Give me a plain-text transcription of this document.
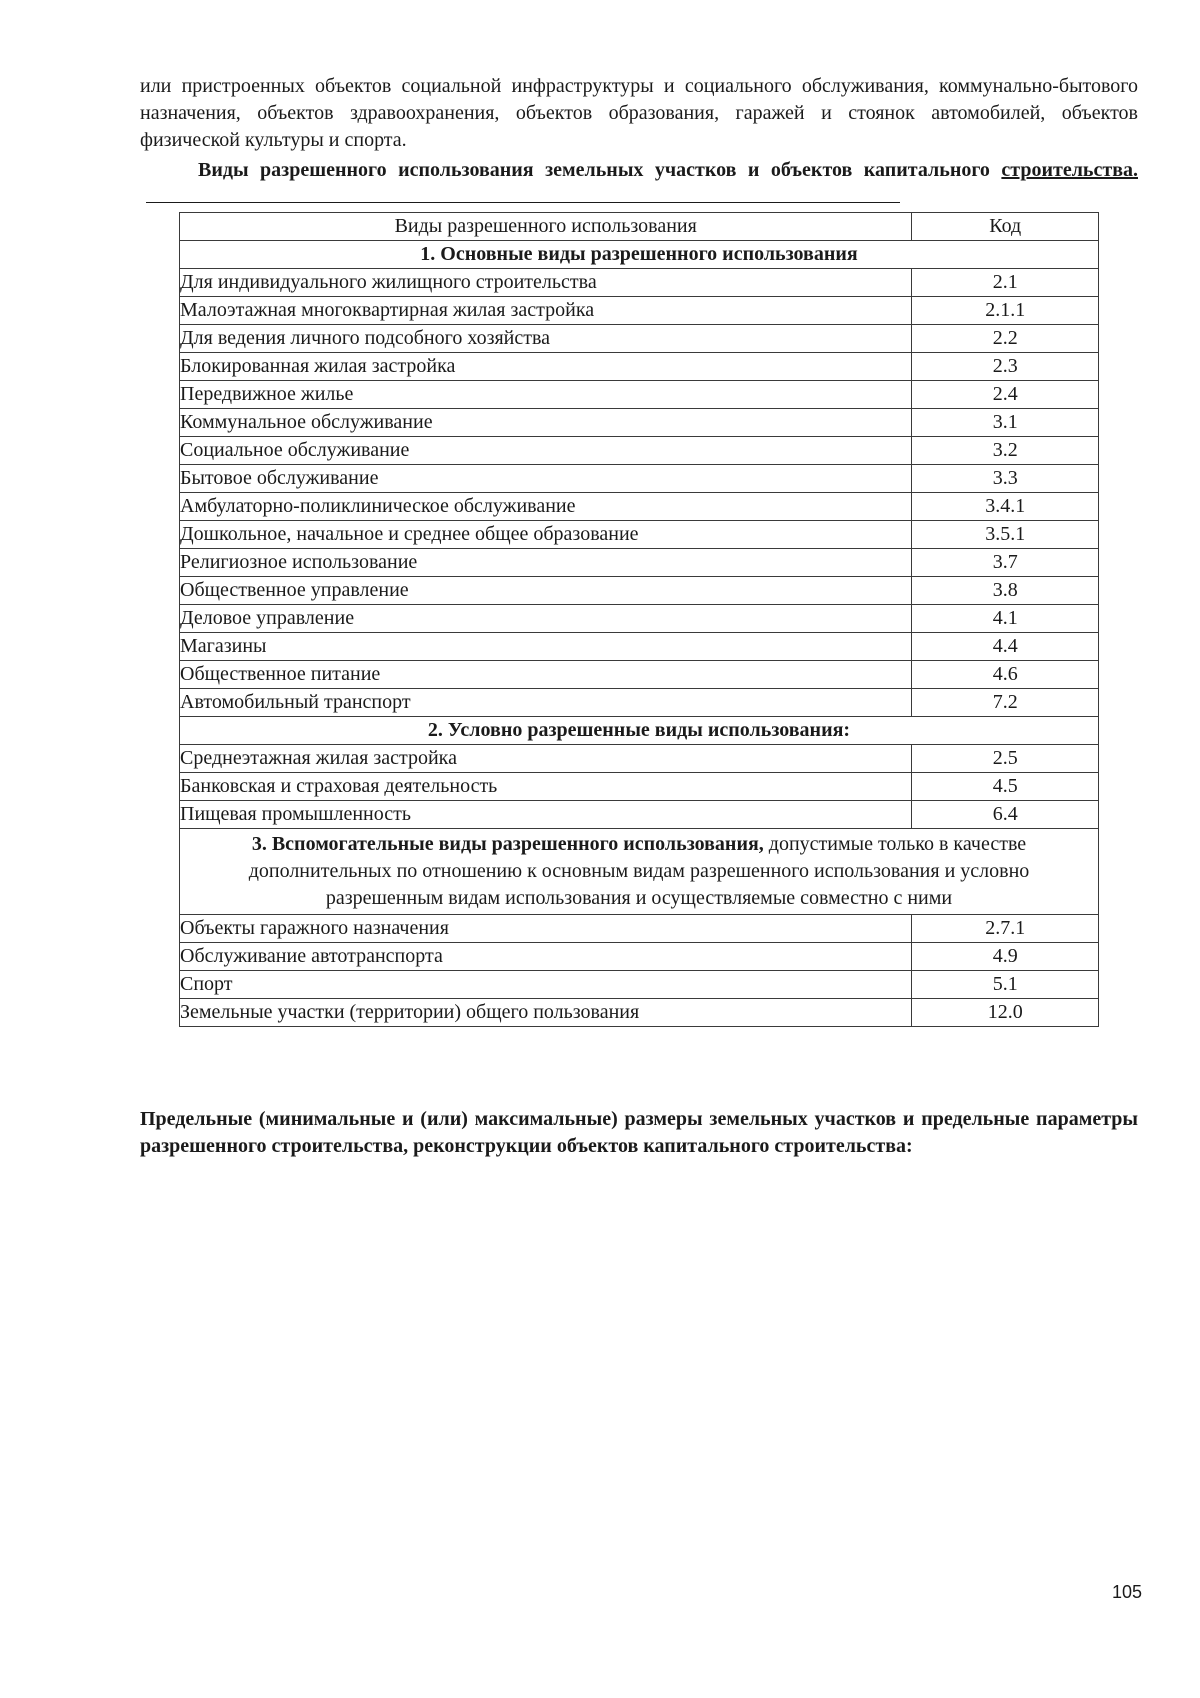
или пристроенных объектов социальной инфраструктуры и социального обслуживания, коммунально-бытового назначения, объектов здравоохранения, объектов образования, гаражей и стоянок автомобилей, объектов физической культуры и спорта.

Виды разрешенного использования земельных участков и объектов капитального строительства.

Виды разрешенного использования	Код
1. Основные виды разрешенного использования	
Для индивидуального жилищного строительства	2.1
Малоэтажная многоквартирная жилая застройка	2.1.1
Для ведения личного подсобного хозяйства	2.2
Блокированная жилая застройка	2.3
Передвижное жилье	2.4
Коммунальное обслуживание	3.1
Социальное обслуживание	3.2
Бытовое обслуживание	3.3
Амбулаторно-поликлиническое обслуживание	3.4.1
Дошкольное, начальное и среднее общее образование	3.5.1
Религиозное использование	3.7
Общественное управление	3.8
Деловое управление	4.1
Магазины	4.4
Общественное питание	4.6
Автомобильный транспорт	7.2
2. Условно разрешенные виды использования:	
Среднеэтажная жилая застройка	2.5
Банковская и страховая деятельность	4.5
Пищевая промышленность	6.4
3. Вспомогательные виды разрешенного использования, допустимые только в качестве дополнительных по отношению к основным видам разрешенного использования и условно разрешенным видам использования и осуществляемые совместно с ними	
Объекты гаражного назначения	2.7.1
Обслуживание автотранспорта	4.9
Спорт	5.1
Земельные участки (территории) общего пользования	12.0

Предельные (минимальные и (или) максимальные) размеры земельных участков и предельные параметры разрешенного строительства, реконструкции объектов капитального строительства:

105
